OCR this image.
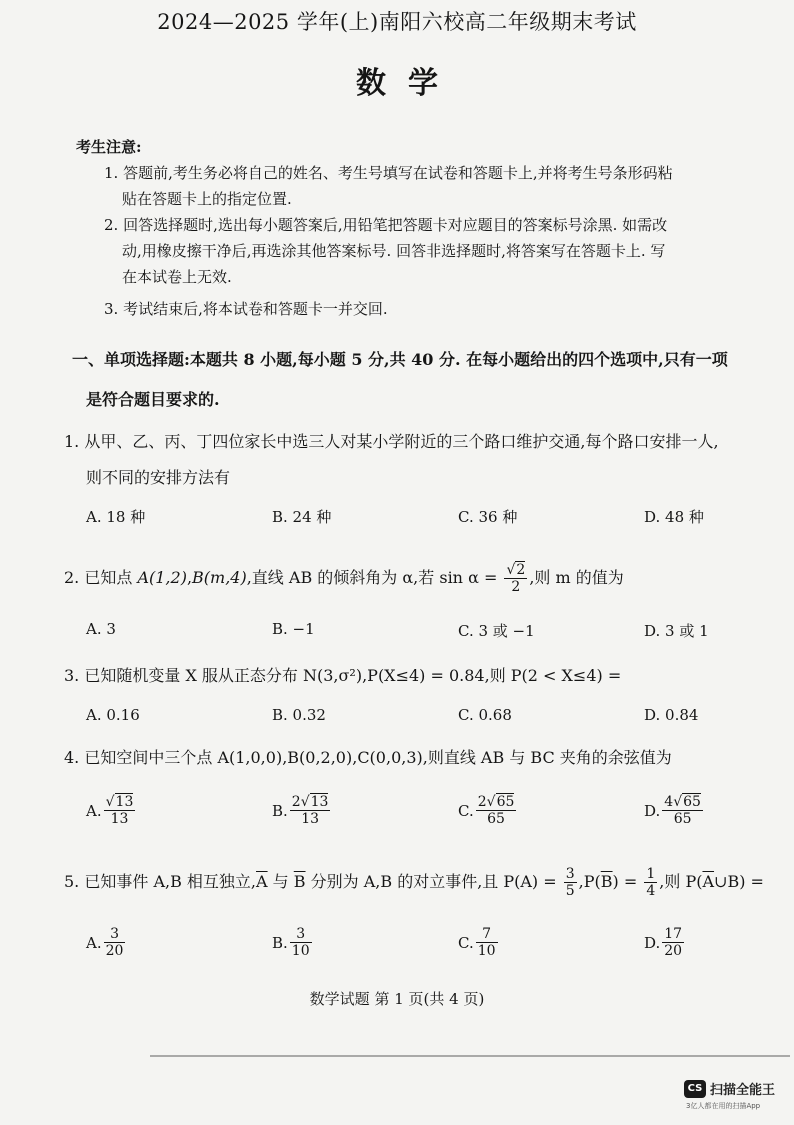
2024—2025 学年(上)南阳六校高二年级期末考试
数学
考生注意:
1. 答题前,考生务必将自己的姓名、考生号填写在试卷和答题卡上,并将考生号条形码粘
贴在答题卡上的指定位置.
2. 回答选择题时,选出每小题答案后,用铅笔把答题卡对应题目的答案标号涂黑. 如需改
动,用橡皮擦干净后,再选涂其他答案标号. 回答非选择题时,将答案写在答题卡上. 写
在本试卷上无效.
3. 考试结束后,将本试卷和答题卡一并交回.
一、单项选择题:本题共 8 小题,每小题 5 分,共 40 分. 在每小题给出的四个选项中,只有一项
是符合题目要求的.
1. 从甲、乙、丙、丁四位家长中选三人对某小学附近的三个路口维护交通,每个路口安排一人,
则不同的安排方法有
A. 18 种	B. 24 种	C. 36 种	D. 48 种
2. 已知点 A(1,2),B(m,4),直线 AB 的倾斜角为 α,若 $\sin \alpha = \frac{√2}{2}$ ,则 m 的值为
A. 3	B. −1	C. 3 或 −1	D. 3 或 1
3. 已知随机变量 X 服从正态分布 N(3,σ²),P(X≤4) = 0.84,则 P(2 < X≤4) =
A. 0.16	B. 0.32	C. 0.68	D. 0.84
4. 已知空间中三个点 A(1,0,0),B(0,2,0),C(0,0,3),则直线 AB 与 BC 夹角的余弦值为
A. $\frac{√13}{13}$	B. $\frac{2√13}{13}$	C. $\frac{2√65}{65}$	D. $\frac{4√65}{65}$
5. 已知事件 A,B 相互独立$,\overline{A}$ 与 $\overline{B}$ 分别为 A,B 的对立事件,且 $P(A) = \frac{3}{5} ,P(\overline{B}) = \frac{1}{4}$ ,则 $P(\overline{A}\cup B)$ =
A. $\frac{3}{20}$	B. $\frac{3}{10}$	C. $\frac{7}{10}$	D. $\frac{17}{20}$
数学试题 第 1 页(共 4 页)
CS 扫描全能王
3亿人都在用的扫描App
